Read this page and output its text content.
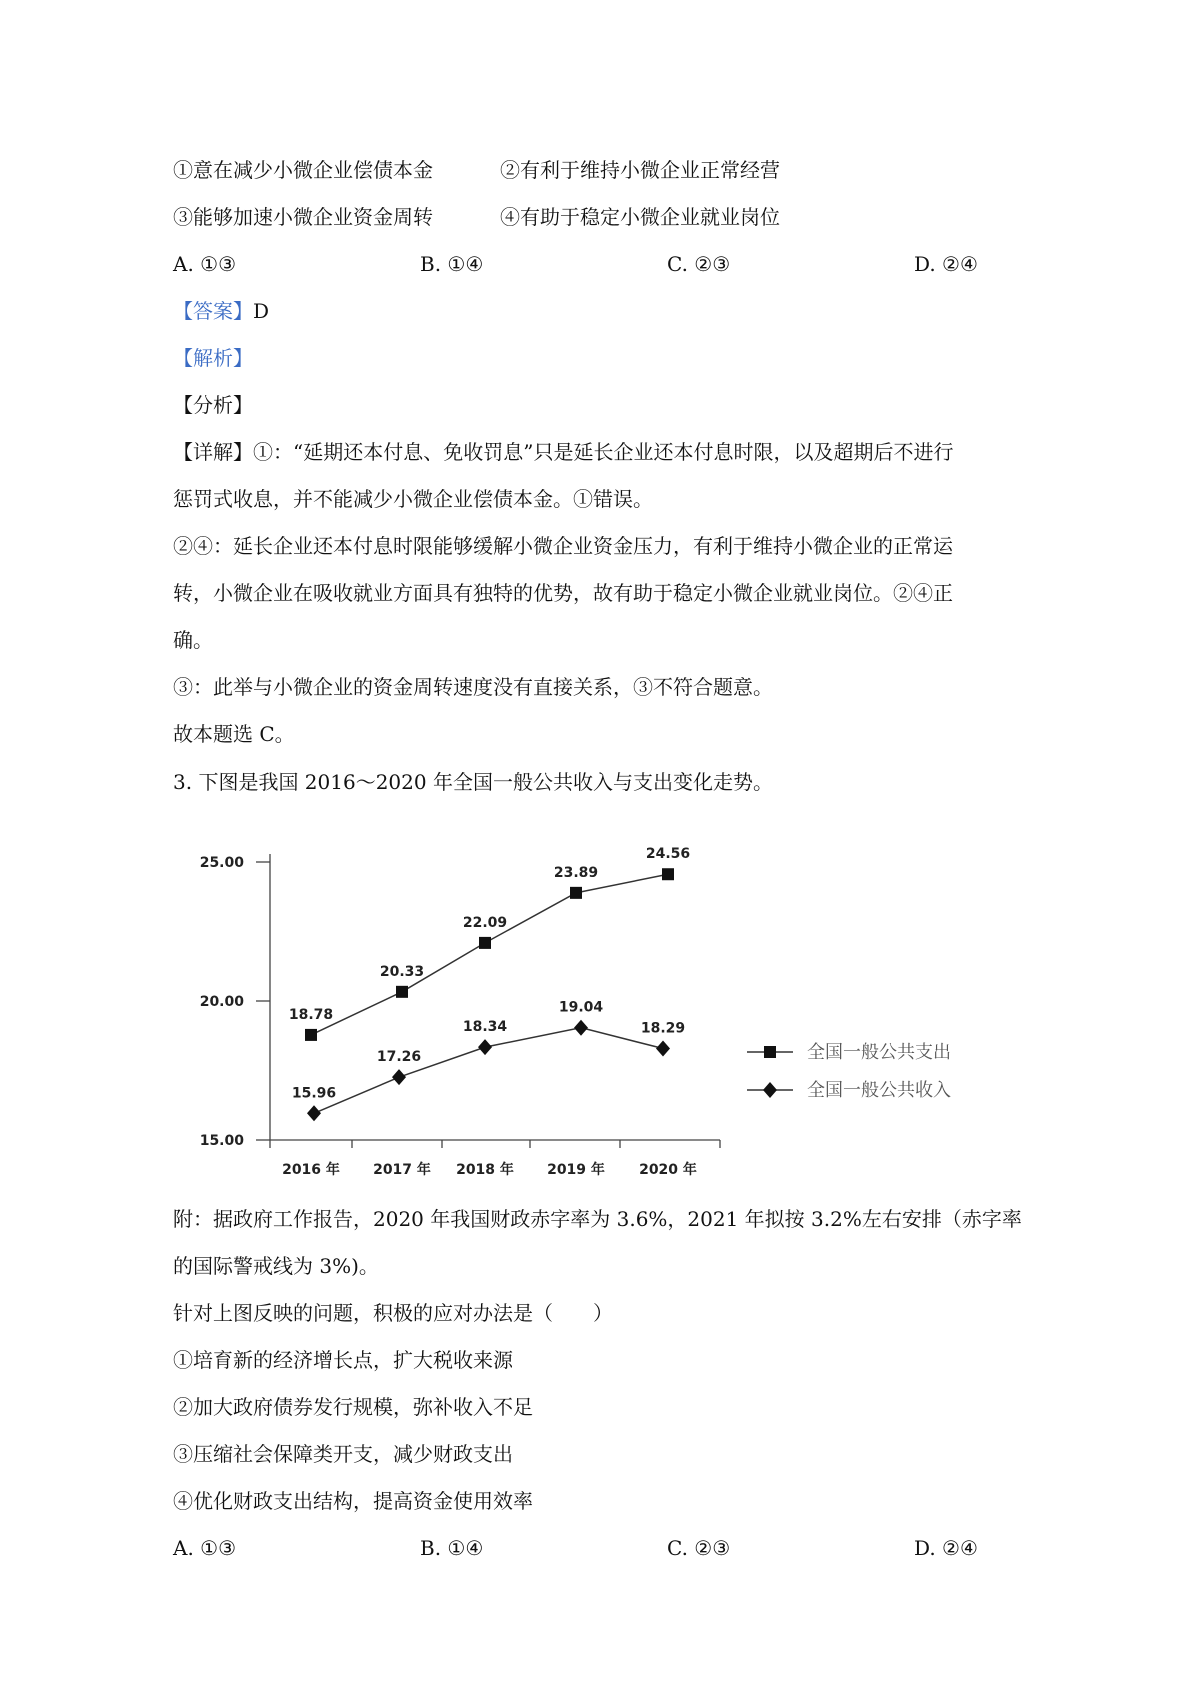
①意在减少小微企业偿债本金	②有利于维持小微企业正常经营
③能够加速小微企业资金周转	④有助于稳定小微企业就业岗位
A. ①③	B. ①④	C. ②③	D. ②④
【答案】D
【解析】
【分析】
【详解】①：“延期还本付息、免收罚息”只是延长企业还本付息时限，以及超期后不进行
惩罚式收息，并不能减少小微企业偿债本金。①错误。
②④：延长企业还本付息时限能够缓解小微企业资金压力，有利于维持小微企业的正常运
转，小微企业在吸收就业方面具有独特的优势，故有助于稳定小微企业就业岗位。②④正
确。
③：此举与小微企业的资金周转速度没有直接关系，③不符合题意。
故本题选 C。
3. 下图是我国 2016～2020 年全国一般公共收入与支出变化走势。
15.00
20.00
25.00
2016 年 2017 年 2018 年 2019 年 2020 年
18.78
20.33
22.09
23.89
24.56
15.96
17.26
18.34
19.04
18.29
全国一般公共支出
全国一般公共收入
附：据政府工作报告，2020 年我国财政赤字率为 3.6%，2021 年拟按 3.2%左右安排（赤字率
的国际警戒线为 3%)。
针对上图反映的问题，积极的应对办法是（　　）
①培育新的经济增长点，扩大税收来源
②加大政府债券发行规模，弥补收入不足
③压缩社会保障类开支，减少财政支出
④优化财政支出结构，提高资金使用效率
A. ①③	B. ①④	C. ②③	D. ②④
